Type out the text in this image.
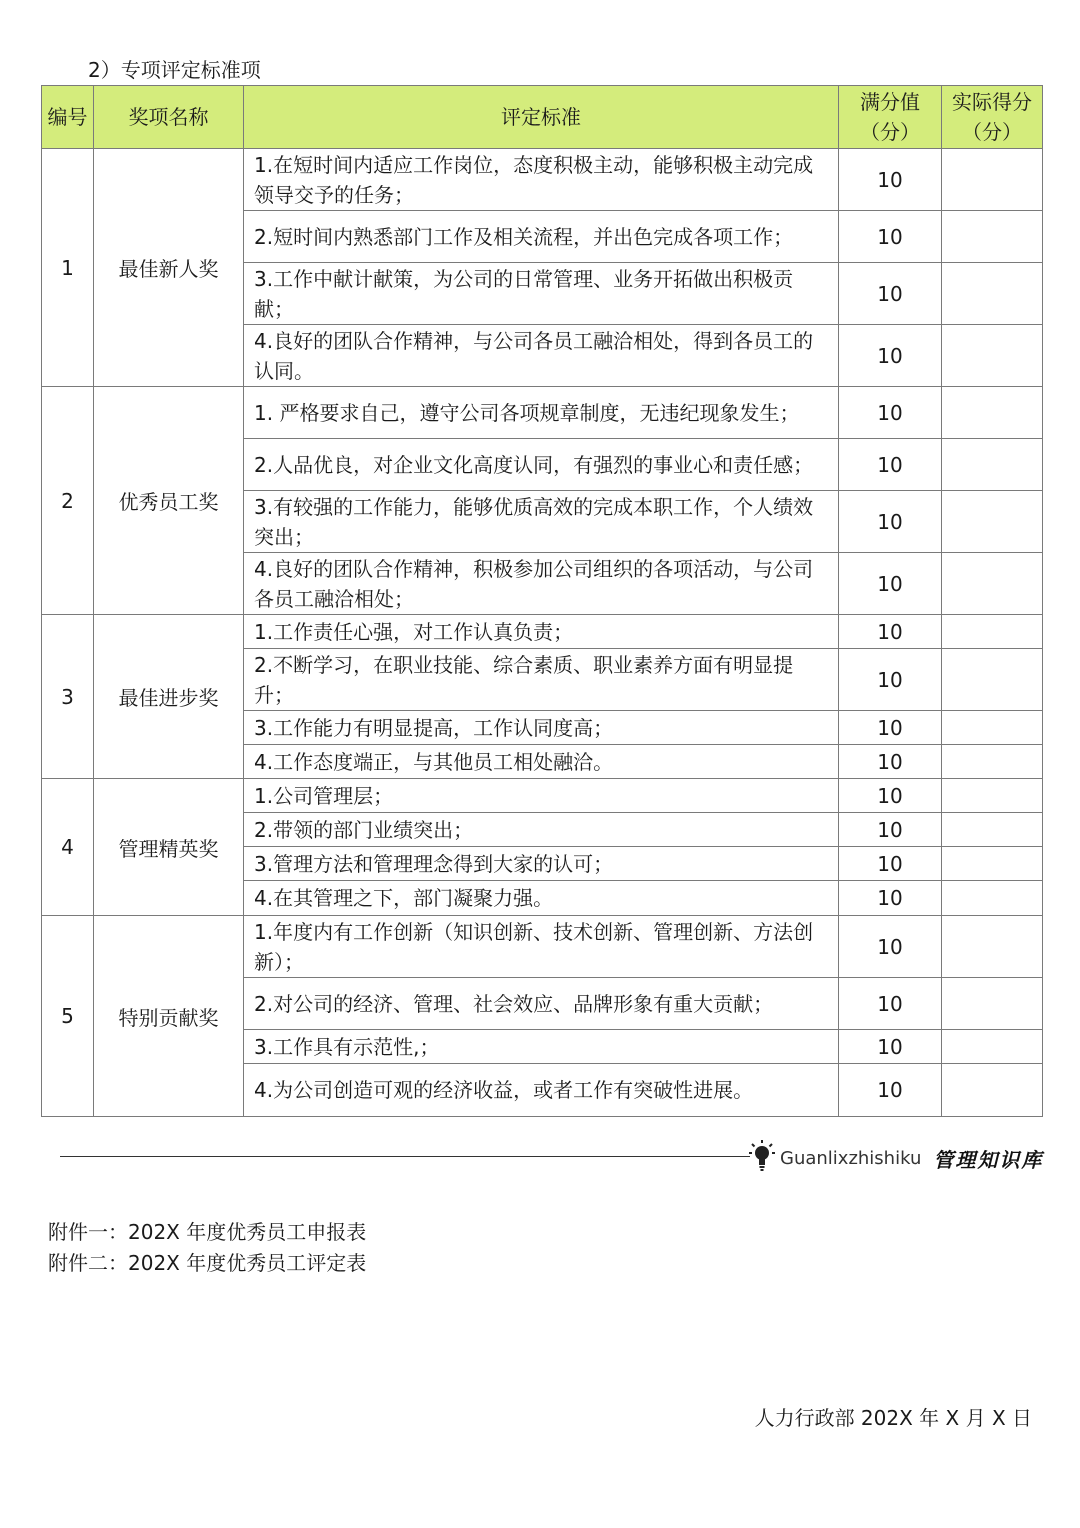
2）专项评定标准项
编号	奖项名称	评定标准	满分值（分）	实际得分（分）
1	最佳新人奖	1.在短时间内适应工作岗位，态度积极主动，能够积极主动完成领导交予的任务；	10	
		2.短时间内熟悉部门工作及相关流程，并出色完成各项工作；	10	
		3.工作中献计献策，为公司的日常管理、业务开拓做出积极贡献；	10	
		4.良好的团队合作精神，与公司各员工融洽相处，得到各员工的认同。	10	
2	优秀员工奖	1. 严格要求自己，遵守公司各项规章制度，无违纪现象发生；	10	
		2.人品优良，对企业文化高度认同，有强烈的事业心和责任感；	10	
		3.有较强的工作能力，能够优质高效的完成本职工作，个人绩效突出；	10	
		4.良好的团队合作精神，积极参加公司组织的各项活动，与公司各员工融洽相处；	10	
3	最佳进步奖	1.工作责任心强，对工作认真负责；	10	
		2.不断学习，在职业技能、综合素质、职业素养方面有明显提升；	10	
		3.工作能力有明显提高，工作认同度高；	10	
		4.工作态度端正，与其他员工相处融洽。	10	
4	管理精英奖	1.公司管理层；	10	
		2.带领的部门业绩突出；	10	
		3.管理方法和管理理念得到大家的认可；	10	
		4.在其管理之下，部门凝聚力强。	10	
5	特别贡献奖	1.年度内有工作创新（知识创新、技术创新、管理创新、方法创新）；	10	
		2.对公司的经济、管理、社会效应、品牌形象有重大贡献；	10	
		3.工作具有示范性,；	10	
		4.为公司创造可观的经济收益，或者工作有突破性进展。	10	
Guanlixzhishiku 管理知识库
附件一：202X 年度优秀员工申报表
附件二：202X 年度优秀员工评定表
人力行政部 202X 年 X 月 X 日
